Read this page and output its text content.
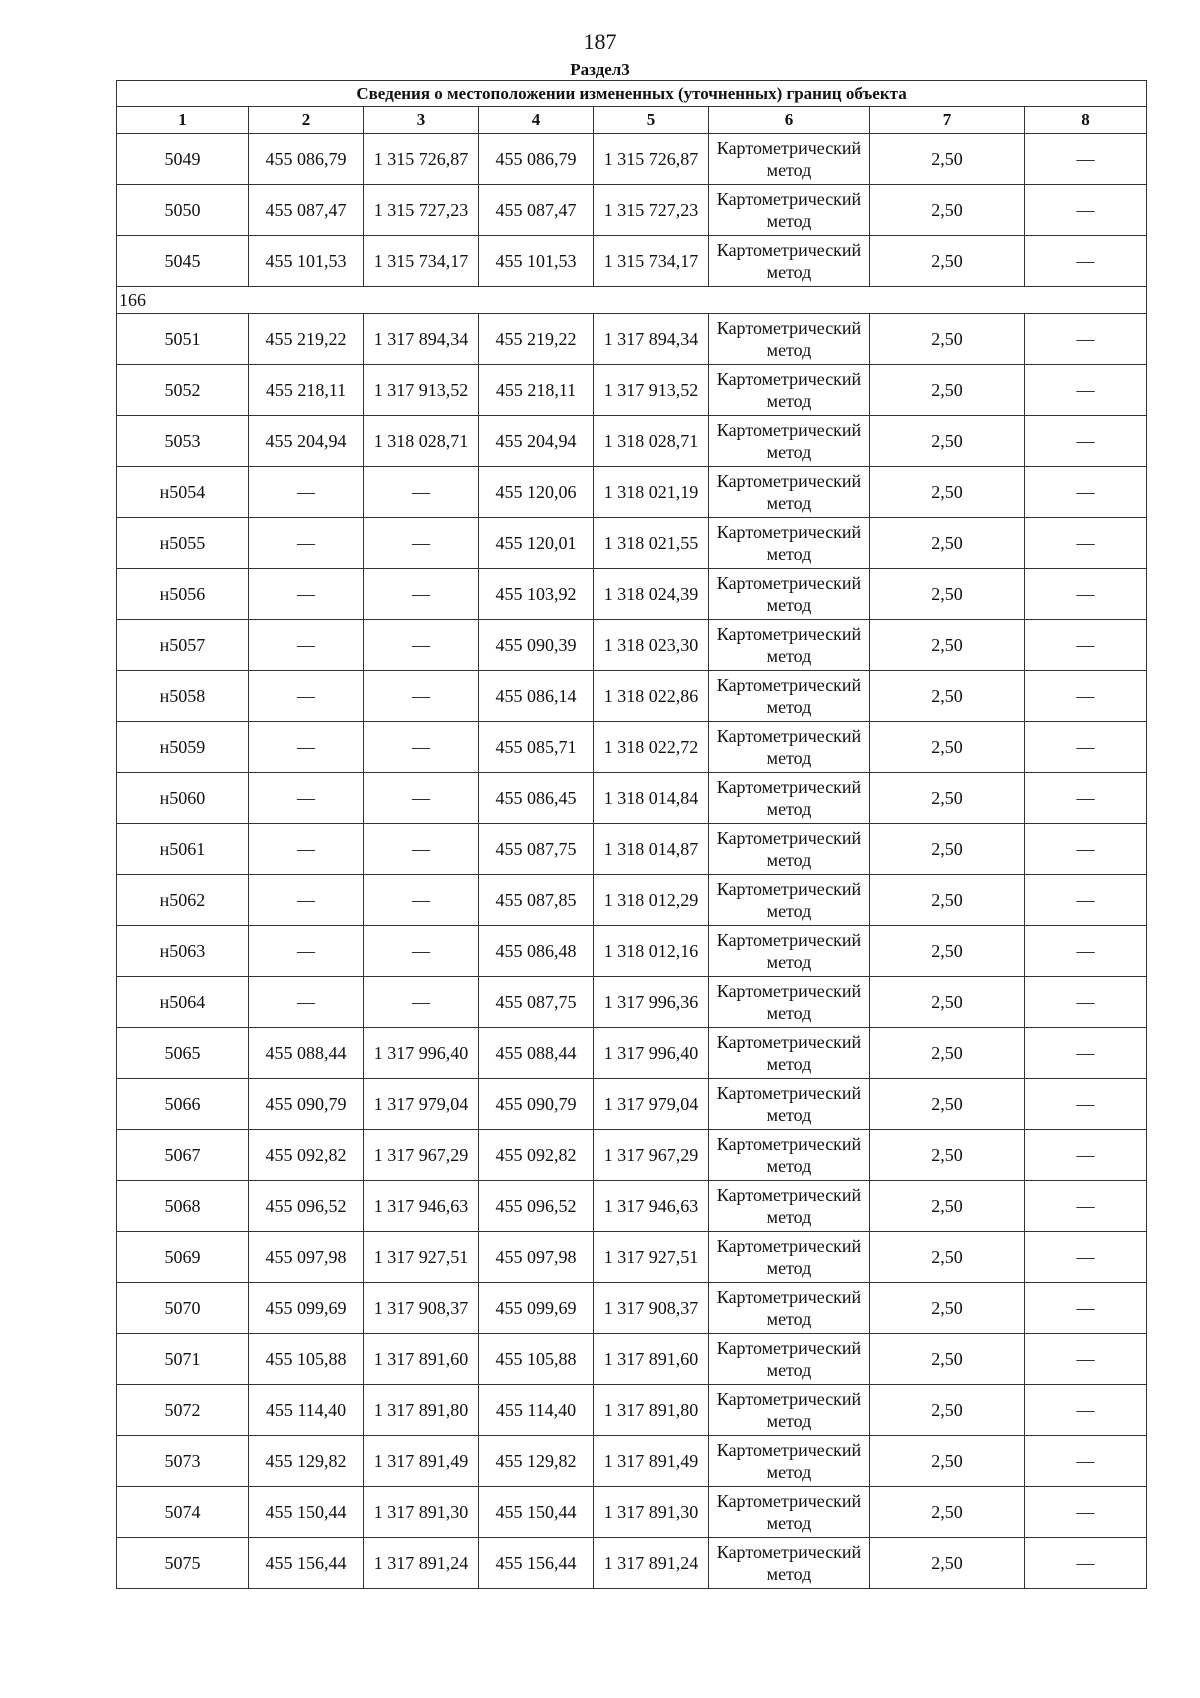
187
Раздел3
Сведения о местоположении измененных (уточненных) границ объекта							
1	2	3	4	5	6	7	8
5049	455 086,79	1 315 726,87	455 086,79	1 315 726,87	Картометрический метод	2,50	—
5050	455 087,47	1 315 727,23	455 087,47	1 315 727,23	Картометрический метод	2,50	—
5045	455 101,53	1 315 734,17	455 101,53	1 315 734,17	Картометрический метод	2,50	—
166							
5051	455 219,22	1 317 894,34	455 219,22	1 317 894,34	Картометрический метод	2,50	—
5052	455 218,11	1 317 913,52	455 218,11	1 317 913,52	Картометрический метод	2,50	—
5053	455 204,94	1 318 028,71	455 204,94	1 318 028,71	Картометрический метод	2,50	—
н5054	—	—	455 120,06	1 318 021,19	Картометрический метод	2,50	—
н5055	—	—	455 120,01	1 318 021,55	Картометрический метод	2,50	—
н5056	—	—	455 103,92	1 318 024,39	Картометрический метод	2,50	—
н5057	—	—	455 090,39	1 318 023,30	Картометрический метод	2,50	—
н5058	—	—	455 086,14	1 318 022,86	Картометрический метод	2,50	—
н5059	—	—	455 085,71	1 318 022,72	Картометрический метод	2,50	—
н5060	—	—	455 086,45	1 318 014,84	Картометрический метод	2,50	—
н5061	—	—	455 087,75	1 318 014,87	Картометрический метод	2,50	—
н5062	—	—	455 087,85	1 318 012,29	Картометрический метод	2,50	—
н5063	—	—	455 086,48	1 318 012,16	Картометрический метод	2,50	—
н5064	—	—	455 087,75	1 317 996,36	Картометрический метод	2,50	—
5065	455 088,44	1 317 996,40	455 088,44	1 317 996,40	Картометрический метод	2,50	—
5066	455 090,79	1 317 979,04	455 090,79	1 317 979,04	Картометрический метод	2,50	—
5067	455 092,82	1 317 967,29	455 092,82	1 317 967,29	Картометрический метод	2,50	—
5068	455 096,52	1 317 946,63	455 096,52	1 317 946,63	Картометрический метод	2,50	—
5069	455 097,98	1 317 927,51	455 097,98	1 317 927,51	Картометрический метод	2,50	—
5070	455 099,69	1 317 908,37	455 099,69	1 317 908,37	Картометрический метод	2,50	—
5071	455 105,88	1 317 891,60	455 105,88	1 317 891,60	Картометрический метод	2,50	—
5072	455 114,40	1 317 891,80	455 114,40	1 317 891,80	Картометрический метод	2,50	—
5073	455 129,82	1 317 891,49	455 129,82	1 317 891,49	Картометрический метод	2,50	—
5074	455 150,44	1 317 891,30	455 150,44	1 317 891,30	Картометрический метод	2,50	—
5075	455 156,44	1 317 891,24	455 156,44	1 317 891,24	Картометрический метод	2,50	—
